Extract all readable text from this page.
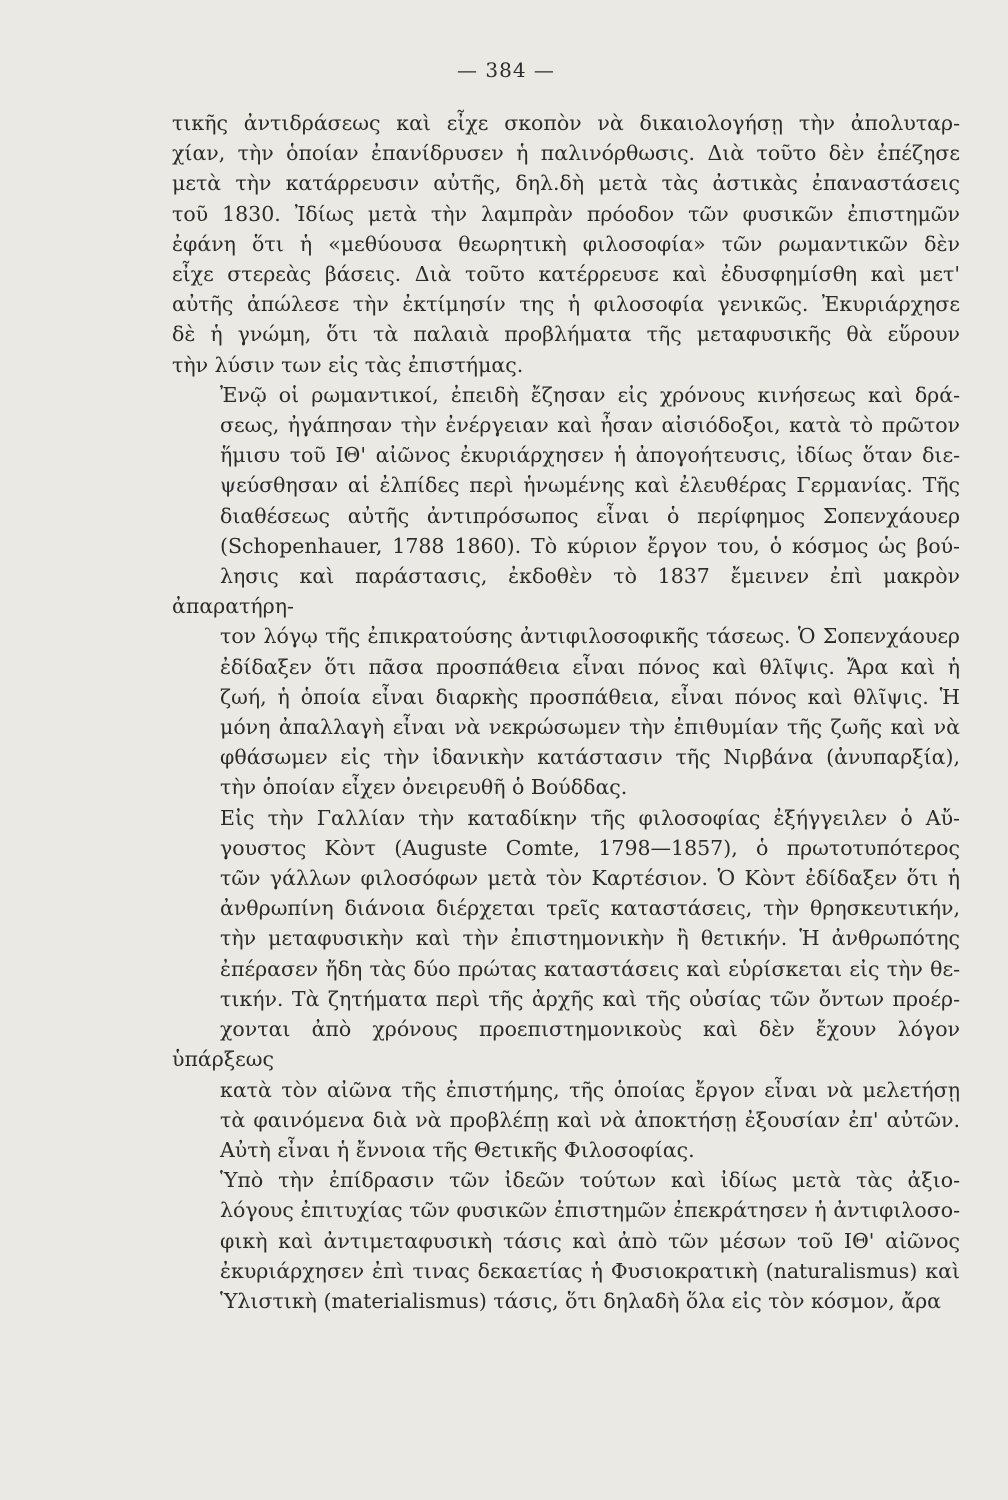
— 384 —
τικῆς ἀντιδράσεως καὶ εἶχε σκοπὸν νὰ δικαιολογήσῃ τὴν ἀπολυταρ-
χίαν, τὴν ὁποίαν ἐπανίδρυσεν ἡ παλινόρθωσις. Διὰ τοῦτο δὲν ἐπέζησε
μετὰ τὴν κατάρρευσιν αὐτῆς, δηλ.δὴ μετὰ τὰς ἀστικὰς ἐπαναστάσεις
τοῦ 1830. Ἰδίως μετὰ τὴν λαμπρὰν πρόοδον τῶν φυσικῶν ἐπιστημῶν
ἐφάνη ὅτι ἡ «μεθύουσα θεωρητικὴ φιλοσοφία» τῶν ρωμαντικῶν δὲν
εἶχε στερεὰς βάσεις. Διὰ τοῦτο κατέρρευσε καὶ ἐδυσφημίσθη καὶ μετ'
αὐτῆς ἀπώλεσε τὴν ἐκτίμησίν της ἡ φιλοσοφία γενικῶς. Ἐκυριάρχησε
δὲ ἡ γνώμη, ὅτι τὰ παλαιὰ προβλήματα τῆς μεταφυσικῆς θὰ εὕρουν
τὴν λύσιν των εἰς τὰς ἐπιστήμας.
Ἐνῷ οἱ ρωμαντικοί, ἐπειδὴ ἔζησαν εἰς χρόνους κινήσεως καὶ δρά-
σεως, ἠγάπησαν τὴν ἐνέργειαν καὶ ἦσαν αἰσιόδοξοι, κατὰ τὸ πρῶτον
ἥμισυ τοῦ ΙΘ' αἰῶνος ἐκυριάρχησεν ἡ ἀπογοήτευσις, ἰδίως ὅταν διε-
ψεύσθησαν αἱ ἐλπίδες περὶ ἡνωμένης καὶ ἐλευθέρας Γερμανίας. Τῆς
διαθέσεως αὐτῆς ἀντιπρόσωπος εἶναι ὁ περίφημος Σοπενχάουερ
(Schopenhauer, 1788 1860). Τὸ κύριον ἔργον του, ὁ κόσμος ὡς βού-
λησις καὶ παράστασις, ἐκδοθὲν τὸ 1837 ἔμεινεν ἐπὶ μακρὸν ἀπαρατήρη-
τον λόγῳ τῆς ἐπικρατούσης ἀντιφιλοσοφικῆς τάσεως. Ὁ Σοπενχάουερ
ἐδίδαξεν ὅτι πᾶσα προσπάθεια εἶναι πόνος καὶ θλῖψις. Ἄρα καὶ ἡ
ζωή, ἡ ὁποία εἶναι διαρκὴς προσπάθεια, εἶναι πόνος καὶ θλῖψις. Ἡ
μόνη ἀπαλλαγὴ εἶναι νὰ νεκρώσωμεν τὴν ἐπιθυμίαν τῆς ζωῆς καὶ νὰ
φθάσωμεν εἰς τὴν ἰδανικὴν κατάστασιν τῆς Νιρβάνα (ἀνυπαρξία),
τὴν ὁποίαν εἶχεν ὀνειρευθῆ ὁ Βούδδας.
Εἰς τὴν Γαλλίαν τὴν καταδίκην τῆς φιλοσοφίας ἐξήγγειλεν ὁ Αὔ-
γουστος Κὸντ (Auguste Comte, 1798—1857), ὁ πρωτοτυπότερος
τῶν γάλλων φιλοσόφων μετὰ τὸν Καρτέσιον. Ὁ Κὸντ ἐδίδαξεν ὅτι ἡ
ἀνθρωπίνη διάνοια διέρχεται τρεῖς καταστάσεις, τὴν θρησκευτικήν,
τὴν μεταφυσικὴν καὶ τὴν ἐπιστημονικὴν ἢ θετικήν. Ἡ ἀνθρωπότης
ἐπέρασεν ἤδη τὰς δύο πρώτας καταστάσεις καὶ εὑρίσκεται εἰς τὴν θε-
τικήν. Τὰ ζητήματα περὶ τῆς ἀρχῆς καὶ τῆς οὐσίας τῶν ὄντων προέρ-
χονται ἀπὸ χρόνους προεπιστημονικοὺς καὶ δὲν ἔχουν λόγον ὑπάρξεως
κατὰ τὸν αἰῶνα τῆς ἐπιστήμης, τῆς ὁποίας ἔργον εἶναι νὰ μελετήσῃ
τὰ φαινόμενα διὰ νὰ προβλέπῃ καὶ νὰ ἀποκτήσῃ ἐξουσίαν ἐπ' αὐτῶν.
Αὐτὴ εἶναι ἡ ἔννοια τῆς Θετικῆς Φιλοσοφίας.
Ὑπὸ τὴν ἐπίδρασιν τῶν ἰδεῶν τούτων καὶ ἰδίως μετὰ τὰς ἀξιο-
λόγους ἐπιτυχίας τῶν φυσικῶν ἐπιστημῶν ἐπεκράτησεν ἡ ἀντιφιλοσο-
φικὴ καὶ ἀντιμεταφυσικὴ τάσις καὶ ἀπὸ τῶν μέσων τοῦ ΙΘ' αἰῶνος
ἐκυριάρχησεν ἐπὶ τινας δεκαετίας ἡ Φυσιοκρατικὴ (naturalismus) καὶ
Ὑλιστικὴ (materialismus) τάσις, ὅτι δηλαδὴ ὅλα εἰς τὸν κόσμον, ἄρα
